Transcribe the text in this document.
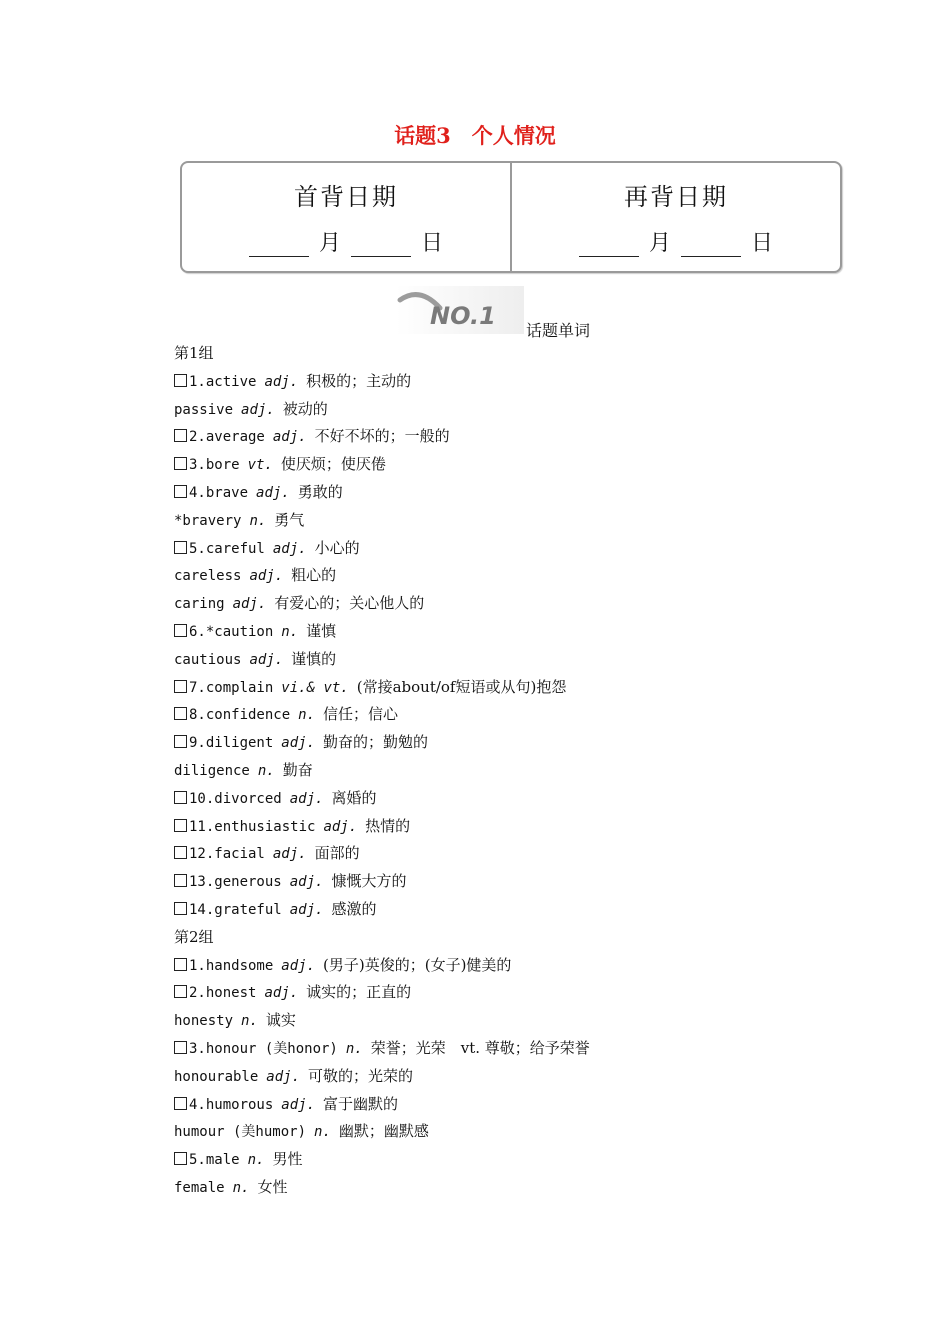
话题3　个人情况
首背日期
月	日
再背日期
月	日
NO.1
话题单词
第1组
1.active adj. 积极的；主动的
passive adj. 被动的
2.average adj. 不好不坏的；一般的
3.bore vt. 使厌烦；使厌倦
4.brave adj. 勇敢的
*bravery n. 勇气
5.careful adj. 小心的
careless adj. 粗心的
caring adj. 有爱心的；关心他人的
6.*caution n. 谨慎
cautious adj. 谨慎的
7.complain vi.& vt. (常接about/of短语或从句)抱怨
8.confidence n. 信任；信心
9.diligent adj. 勤奋的；勤勉的
diligence n. 勤奋
10.divorced adj. 离婚的
11.enthusiastic adj. 热情的
12.facial adj. 面部的
13.generous adj. 慷慨大方的
14.grateful adj. 感激的
第2组
1.handsome adj. (男子)英俊的；(女子)健美的
2.honest adj. 诚实的；正直的
honesty n. 诚实
3.honour (美honor) n. 荣誉；光荣　vt. 尊敬；给予荣誉
honourable adj. 可敬的；光荣的
4.humorous adj. 富于幽默的
humour (美humor) n. 幽默；幽默感
5.male n. 男性
female n. 女性
